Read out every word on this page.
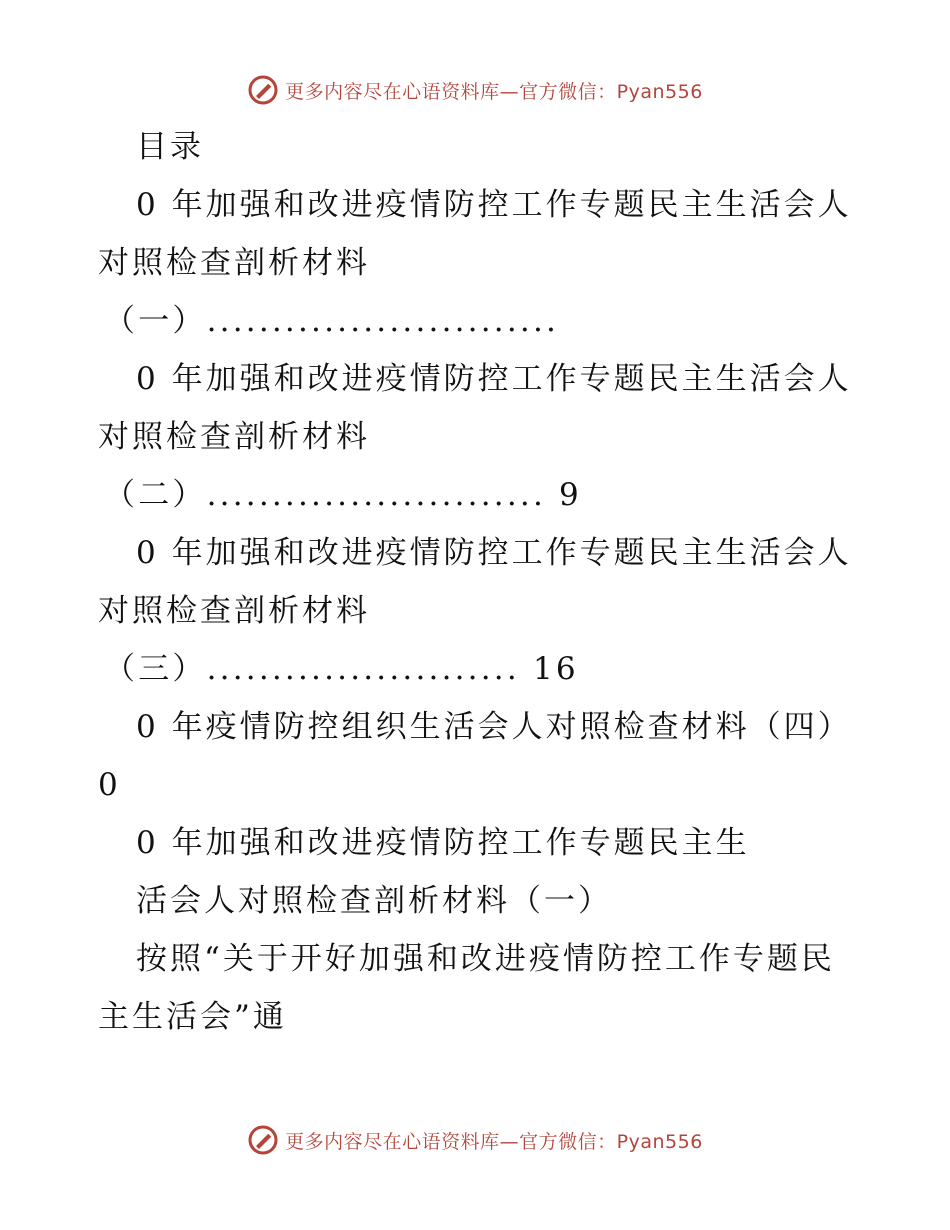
更多内容尽在心语资料库—官方微信：Pyan556
目录
0 年加强和改进疫情防控工作专题民主生活会人
对照检查剖析材料
（一）...........................
0 年加强和改进疫情防控工作专题民主生活会人
对照检查剖析材料
（二）.......................... 9
0 年加强和改进疫情防控工作专题民主生活会人
对照检查剖析材料
（三）........................ 16
0 年疫情防控组织生活会人对照检查材料（四）
0
0 年加强和改进疫情防控工作专题民主生
活会人对照检查剖析材料（一）
按照“关于开好加强和改进疫情防控工作专题民
主生活会”通
更多内容尽在心语资料库—官方微信：Pyan556
